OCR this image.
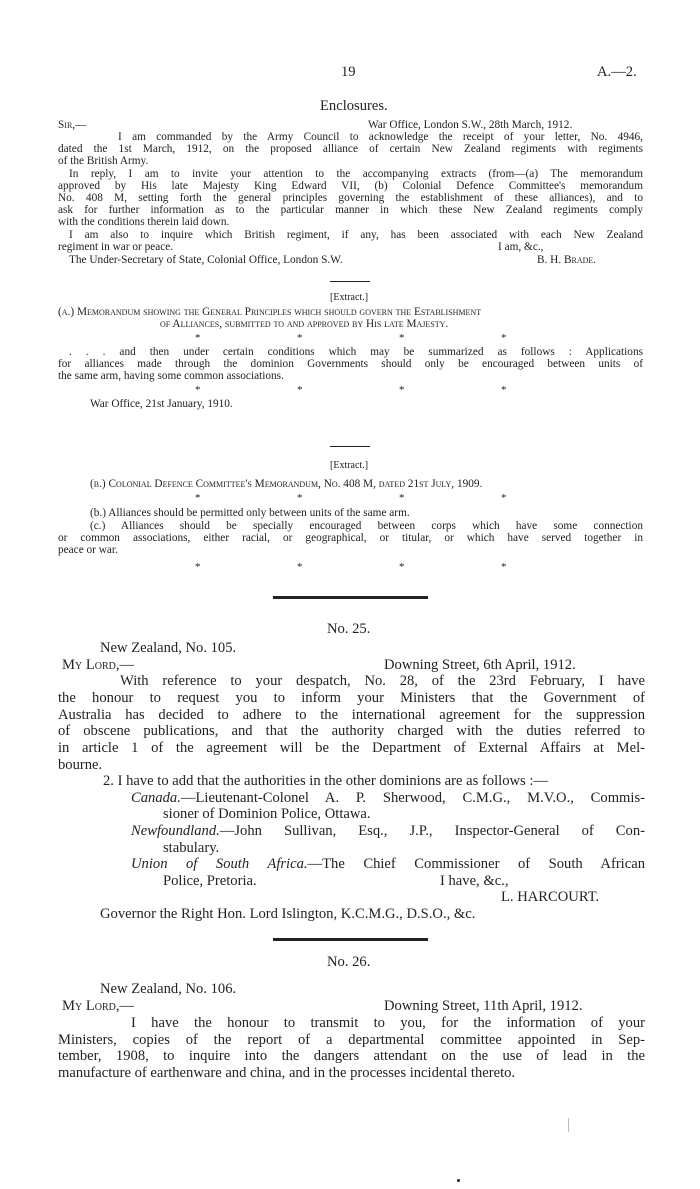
19	A.—2.
Enclosures.
Sir,—	War Office, London S.W., 28th March, 1912.
I am commanded by the Army Council to acknowledge the receipt of your letter, No. 4946,
dated the 1st March, 1912, on the proposed alliance of certain New Zealand regiments with regiments
of the British Army.
In reply, I am to invite your attention to the accompanying extracts (from—(a) The memorandum
approved by His late Majesty King Edward VII, (b) Colonial Defence Committee's memorandum
No. 408 M, setting forth the general principles governing the establishment of these alliances), and to
ask for further information as to the particular manner in which these New Zealand regiments comply
with the conditions therein laid down.
I am also to inquire which British regiment, if any, has been associated with each New Zealand
regiment in war or peace.	I am, &c.,
The Under-Secretary of State, Colonial Office, London S.W.	B. H. Brade.
[Extract.]
(a.) Memorandum showing the General Principles which should govern the Establishment
of Alliances, submitted to and approved by His late Majesty.
*	*	*	*
. . . and then under certain conditions which may be summarized as follows : Applications
for alliances made through the dominion Governments should only be encouraged between units of
the same arm, having some common associations.
*	*	*	*
War Office, 21st January, 1910.
[Extract.]
(b.) Colonial Defence Committee's Memorandum, No. 408 M, dated 21st July, 1909.
*	*	*	*
(b.) Alliances should be permitted only between units of the same arm.
(c.) Alliances should be specially encouraged between corps which have some connection
or common associations, either racial, or geographical, or titular, or which have served together in
peace or war.
*	*	*	*
No. 25.
New Zealand, No. 105.
My Lord,—	Downing Street, 6th April, 1912.
With reference to your despatch, No. 28, of the 23rd February, I have
the honour to request you to inform your Ministers that the Government of
Australia has decided to adhere to the international agreement for the suppression
of obscene publications, and that the authority charged with the duties referred to
in article 1 of the agreement will be the Department of External Affairs at Mel-
bourne.
2. I have to add that the authorities in the other dominions are as follows :—
Canada.—Lieutenant-Colonel A. P. Sherwood, C.M.G., M.V.O., Commis-
sioner of Dominion Police, Ottawa.
Newfoundland.—John Sullivan, Esq., J.P., Inspector-General of Con-
stabulary.
Union of South Africa.—The Chief Commissioner of South African
Police, Pretoria.	I have, &c.,
L. HARCOURT.
Governor the Right Hon. Lord Islington, K.C.M.G., D.S.O., &c.
No. 26.
New Zealand, No. 106.
My Lord,—	Downing Street, 11th April, 1912.
I have the honour to transmit to you, for the information of your
Ministers, copies of the report of a departmental committee appointed in Sep-
tember, 1908, to inquire into the dangers attendant on the use of lead in the
manufacture of earthenware and china, and in the processes incidental thereto.
